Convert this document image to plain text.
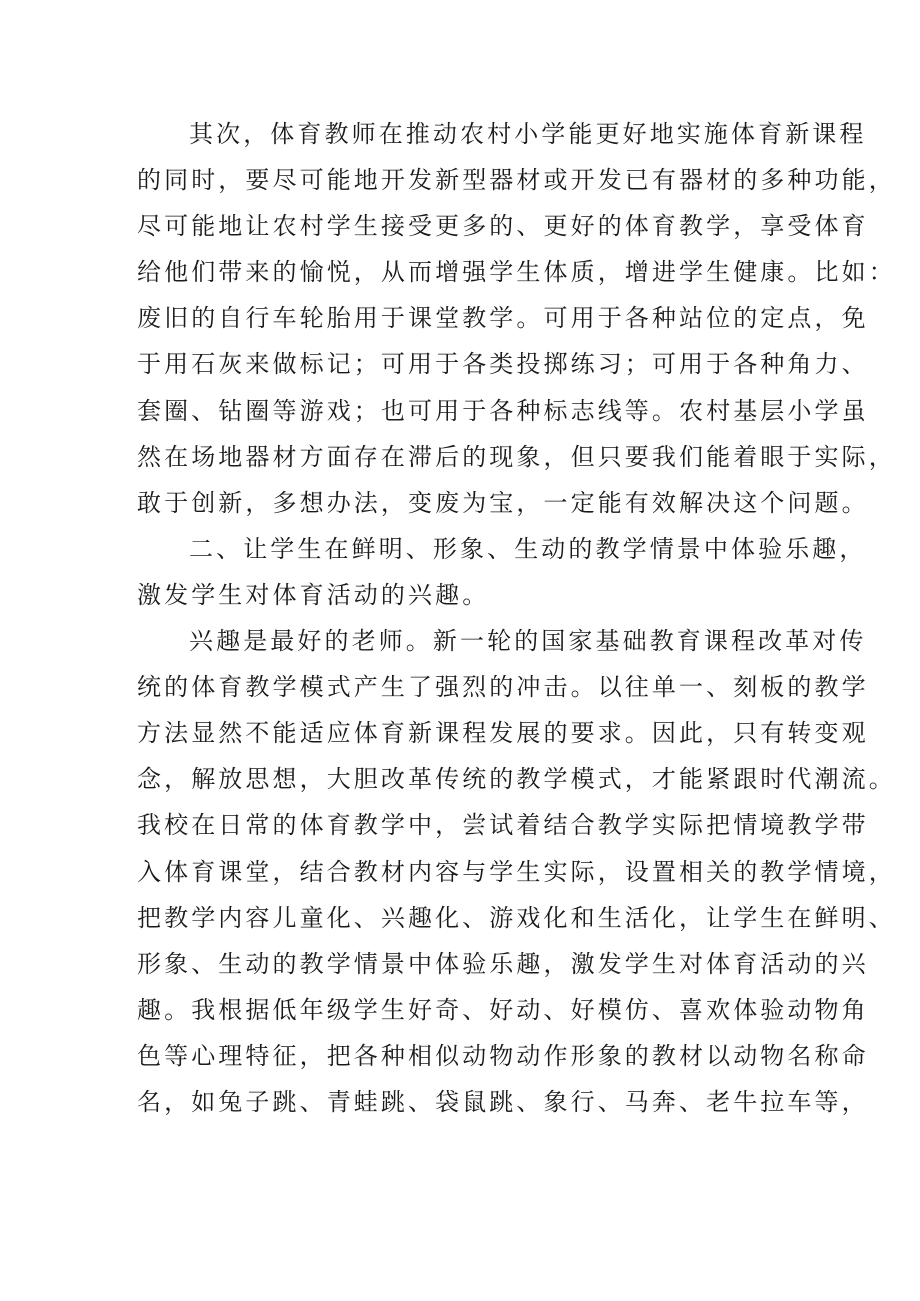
其次，体育教师在推动农村小学能更好地实施体育新课程
的同时，要尽可能地开发新型器材或开发已有器材的多种功能，
尽可能地让农村学生接受更多的、更好的体育教学，享受体育
给他们带来的愉悦，从而增强学生体质，增进学生健康。比如：
废旧的自行车轮胎用于课堂教学。可用于各种站位的定点，免
于用石灰来做标记；可用于各类投掷练习；可用于各种角力、
套圈、钻圈等游戏；也可用于各种标志线等。农村基层小学虽
然在场地器材方面存在滞后的现象，但只要我们能着眼于实际，
敢于创新，多想办法，变废为宝，一定能有效解决这个问题。
二、让学生在鲜明、形象、生动的教学情景中体验乐趣，
激发学生对体育活动的兴趣。
兴趣是最好的老师。新一轮的国家基础教育课程改革对传
统的体育教学模式产生了强烈的冲击。以往单一、刻板的教学
方法显然不能适应体育新课程发展的要求。因此，只有转变观
念，解放思想，大胆改革传统的教学模式，才能紧跟时代潮流。
我校在日常的体育教学中，尝试着结合教学实际把情境教学带
入体育课堂，结合教材内容与学生实际，设置相关的教学情境，
把教学内容儿童化、兴趣化、游戏化和生活化，让学生在鲜明、
形象、生动的教学情景中体验乐趣，激发学生对体育活动的兴
趣。我根据低年级学生好奇、好动、好模仿、喜欢体验动物角
色等心理特征，把各种相似动物动作形象的教材以动物名称命
名，如兔子跳、青蛙跳、袋鼠跳、象行、马奔、老牛拉车等，
